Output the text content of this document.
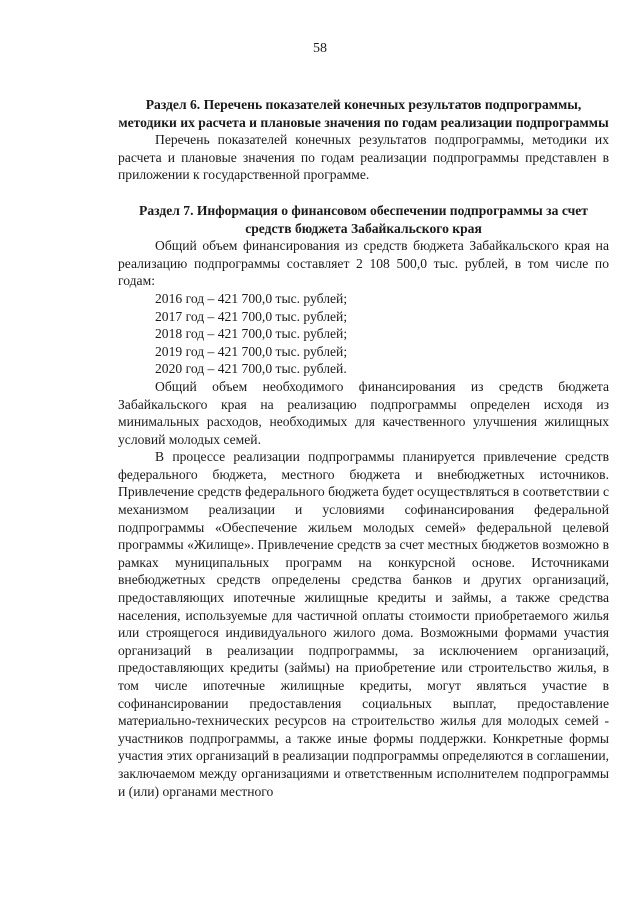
58
Раздел 6. Перечень показателей конечных результатов подпрограммы, методики их расчета и плановые значения по годам реализации подпрограммы

Перечень показателей конечных результатов подпрограммы, методики их расчета и плановые значения по годам реализации подпрограммы представлен в приложении к государственной программе.

Раздел 7. Информация о финансовом обеспечении подпрограммы за счет средств бюджета Забайкальского края

Общий объем финансирования из средств бюджета Забайкальского края на реализацию подпрограммы составляет 2 108 500,0 тыс. рублей, в том числе по годам:

2016 год – 421 700,0 тыс. рублей;
2017 год – 421 700,0 тыс. рублей;
2018 год – 421 700,0 тыс. рублей;
2019 год – 421 700,0 тыс. рублей;
2020 год – 421 700,0 тыс. рублей.

Общий объем необходимого финансирования из средств бюджета Забайкальского края на реализацию подпрограммы определен исходя из минимальных расходов, необходимых для качественного улучшения жилищных условий молодых семей.

В процессе реализации подпрограммы планируется привлечение средств федерального бюджета, местного бюджета и внебюджетных источников. Привлечение средств федерального бюджета будет осуществляться в соответствии с механизмом реализации и условиями софинансирования федеральной подпрограммы «Обеспечение жильем молодых семей» федеральной целевой программы «Жилище». Привлечение средств за счет местных бюджетов возможно в рамках муниципальных программ на конкурсной основе. Источниками внебюджетных средств определены средства банков и других организаций, предоставляющих ипотечные жилищные кредиты и займы, а также средства населения, используемые для частичной оплаты стоимости приобретаемого жилья или строящегося индивидуального жилого дома. Возможными формами участия организаций в реализации подпрограммы, за исключением организаций, предоставляющих кредиты (займы) на приобретение или строительство жилья, в том числе ипотечные жилищные кредиты, могут являться участие в софинансировании предоставления социальных выплат, предоставление материально-технических ресурсов на строительство жилья для молодых семей - участников подпрограммы, а также иные формы поддержки. Конкретные формы участия этих организаций в реализации подпрограммы определяются в соглашении, заключаемом между организациями и ответственным исполнителем подпрограммы и (или) органами местного
